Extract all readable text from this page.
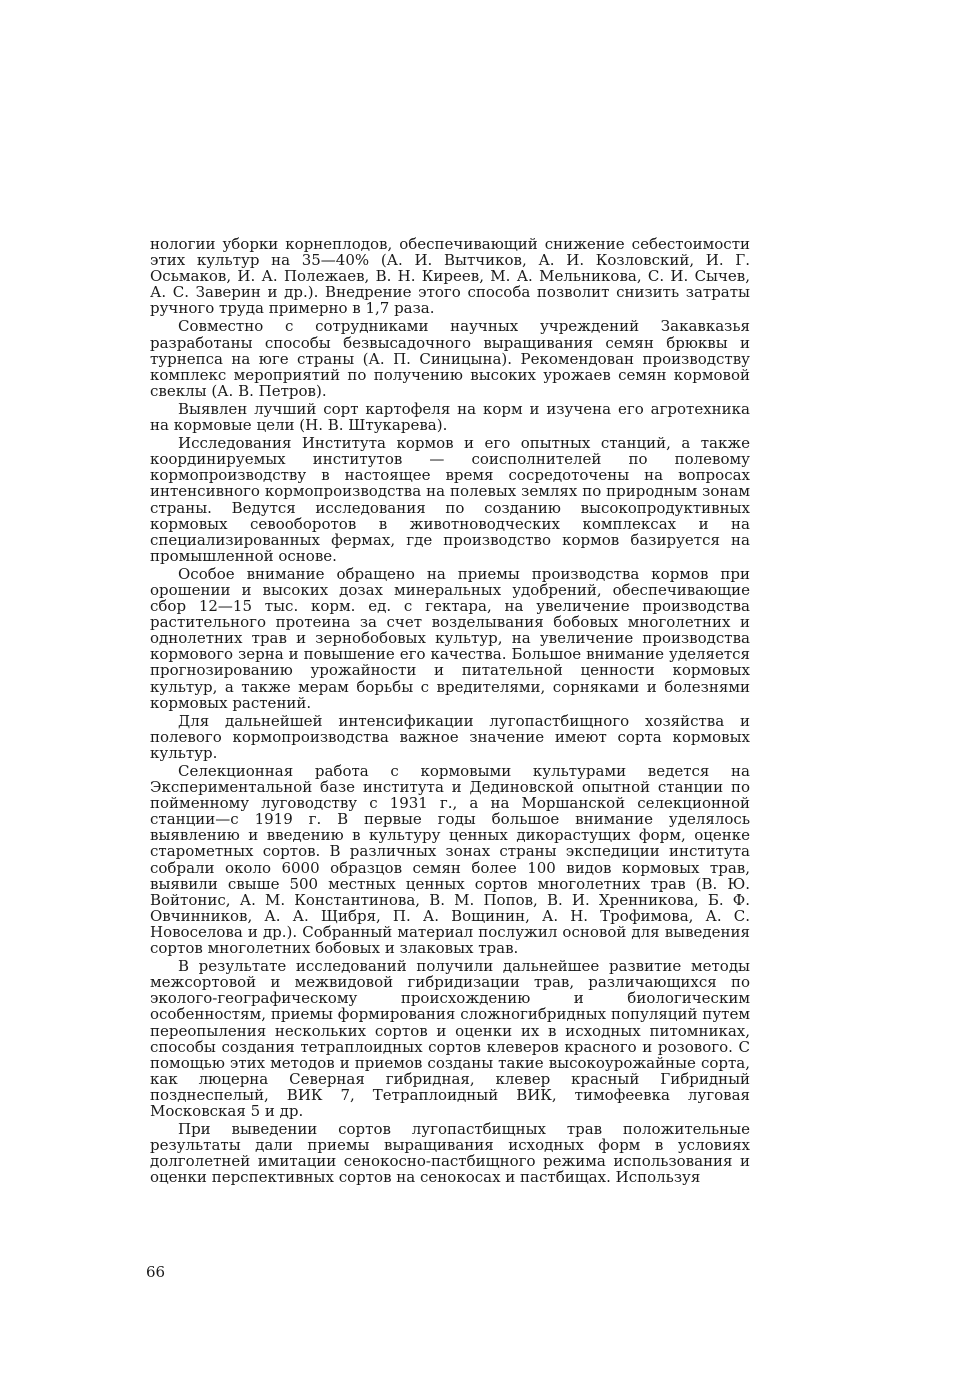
нологии уборки корнеплодов, обеспечивающий снижение себестоимости этих культур на 35—40% (А. И. Вытчиков, А. И. Козловский, И. Г. Осьмаков, И. А. Полежаев, В. Н. Киреев, М. А. Мельникова, С. И. Сычев, А. С. Заверин и др.). Внедрение этого способа позволит снизить затраты ручного труда примерно в 1,7 раза.

Совместно с сотрудниками научных учреждений Закавказья разработаны способы безвысадочного выращивания семян брюквы и турнепса на юге страны (А. П. Синицына). Рекомендован производству комплекс мероприятий по получению высоких урожаев семян кормовой свеклы (А. В. Петров).

Выявлен лучший сорт картофеля на корм и изучена его агротехника на кормовые цели (Н. В. Штукарева).

Исследования Института кормов и его опытных станций, а также координируемых институтов — соисполнителей по полевому кормопроизводству в настоящее время сосредоточены на вопросах интенсивного кормопроизводства на полевых землях по природным зонам страны. Ведутся исследования по созданию высокопродуктивных кормовых севооборотов в животноводческих комплексах и на специализированных фермах, где производство кормов базируется на промышленной основе.

Особое внимание обращено на приемы производства кормов при орошении и высоких дозах минеральных удобрений, обеспечивающие сбор 12—15 тыс. корм. ед. с гектара, на увеличение производства растительного протеина за счет возделывания бобовых многолетних и однолетних трав и зернобобовых культур, на увеличение производства кормового зерна и повышение его качества. Большое внимание уделяется прогнозированию урожайности и питательной ценности кормовых культур, а также мерам борьбы с вредителями, сорняками и болезнями кормовых растений.

Для дальнейшей интенсификации лугопастбищного хозяйства и полевого кормопроизводства важное значение имеют сорта кормовых культур.

Селекционная работа с кормовыми культурами ведется на Экспериментальной базе института и Дединовской опытной станции по пойменному луговодству с 1931 г., а на Моршанской селекционной станции—с 1919 г. В первые годы большое внимание уделялось выявлению и введению в культуру ценных дикорастущих форм, оценке старометных сортов. В различных зонах страны экспедиции института собрали около 6000 образцов семян более 100 видов кормовых трав, выявили свыше 500 местных ценных сортов многолетних трав (В. Ю. Войтонис, А. М. Константинова, В. М. Попов, В. И. Хренникова, Б. Ф. Овчинников, А. А. Щибря, П. А. Вощинин, А. Н. Трофимова, А. С. Новоселова и др.). Собранный материал послужил основой для выведения сортов многолетних бобовых и злаковых трав.

В результате исследований получили дальнейшее развитие методы межсортовой и межвидовой гибридизации трав, различающихся по эколого-географическому происхождению и биологическим особенностям, приемы формирования сложногибридных популяций путем переопыления нескольких сортов и оценки их в исходных питомниках, способы создания тетраплоидных сортов клеверов красного и розового. С помощью этих методов и приемов созданы такие высокоурожайные сорта, как люцерна Северная гибридная, клевер красный Гибридный позднеспелый, ВИК 7, Тетраплоидный ВИК, тимофеевка луговая Московская 5 и др.

При выведении сортов лугопастбищных трав положительные результаты дали приемы выращивания исходных форм в условиях долголетней имитации сенокосно-пастбищного режима использования и оценки перспективных сортов на сенокосах и пастбищах. Используя

66
